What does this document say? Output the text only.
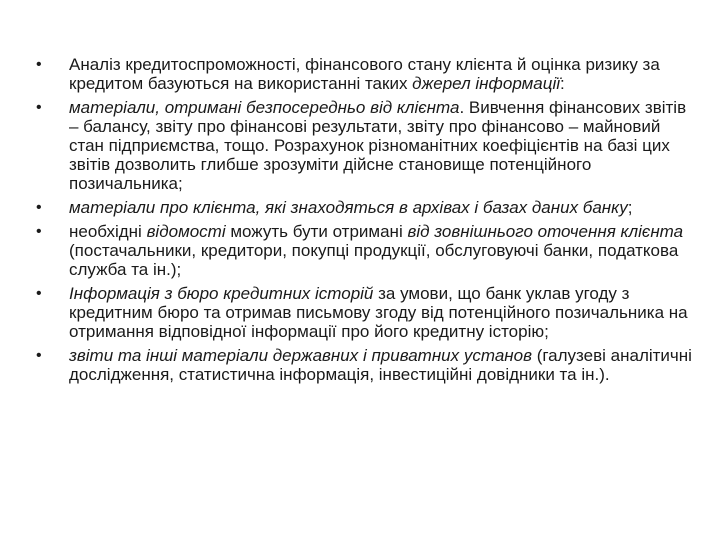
• Аналіз кредитоспроможності, фінансового стану клієнта й оцінка ризику за кредитом базуються на використанні таких джерел інформації:
• матеріали, отримані безпосередньо від клієнта. Вивчення фінансових звітів – балансу, звіту про фінансові результати, звіту про фінансово – майновий стан підприємства, тощо. Розрахунок різноманітних коефіцієнтів на базі цих звітів дозволить глибше зрозуміти дійсне становище потенційного позичальника;
• матеріали про клієнта, які знаходяться в архівах і базах даних банку;
• необхідні відомості можуть бути отримані від зовнішнього оточення клієнта (постачальники, кредитори, покупці продукції, обслуговуючі банки, податкова служба та ін.);
• Інформація з бюро кредитних історій за умови, що банк уклав угоду з кредитним бюро та отримав письмову згоду від потенційного позичальника на отримання відповідної інформації про його кредитну історію;
• звіти та інші матеріали державних і приватних установ (галузеві аналітичні дослідження, статистична інформація, інвестиційні довідники та ін.).
